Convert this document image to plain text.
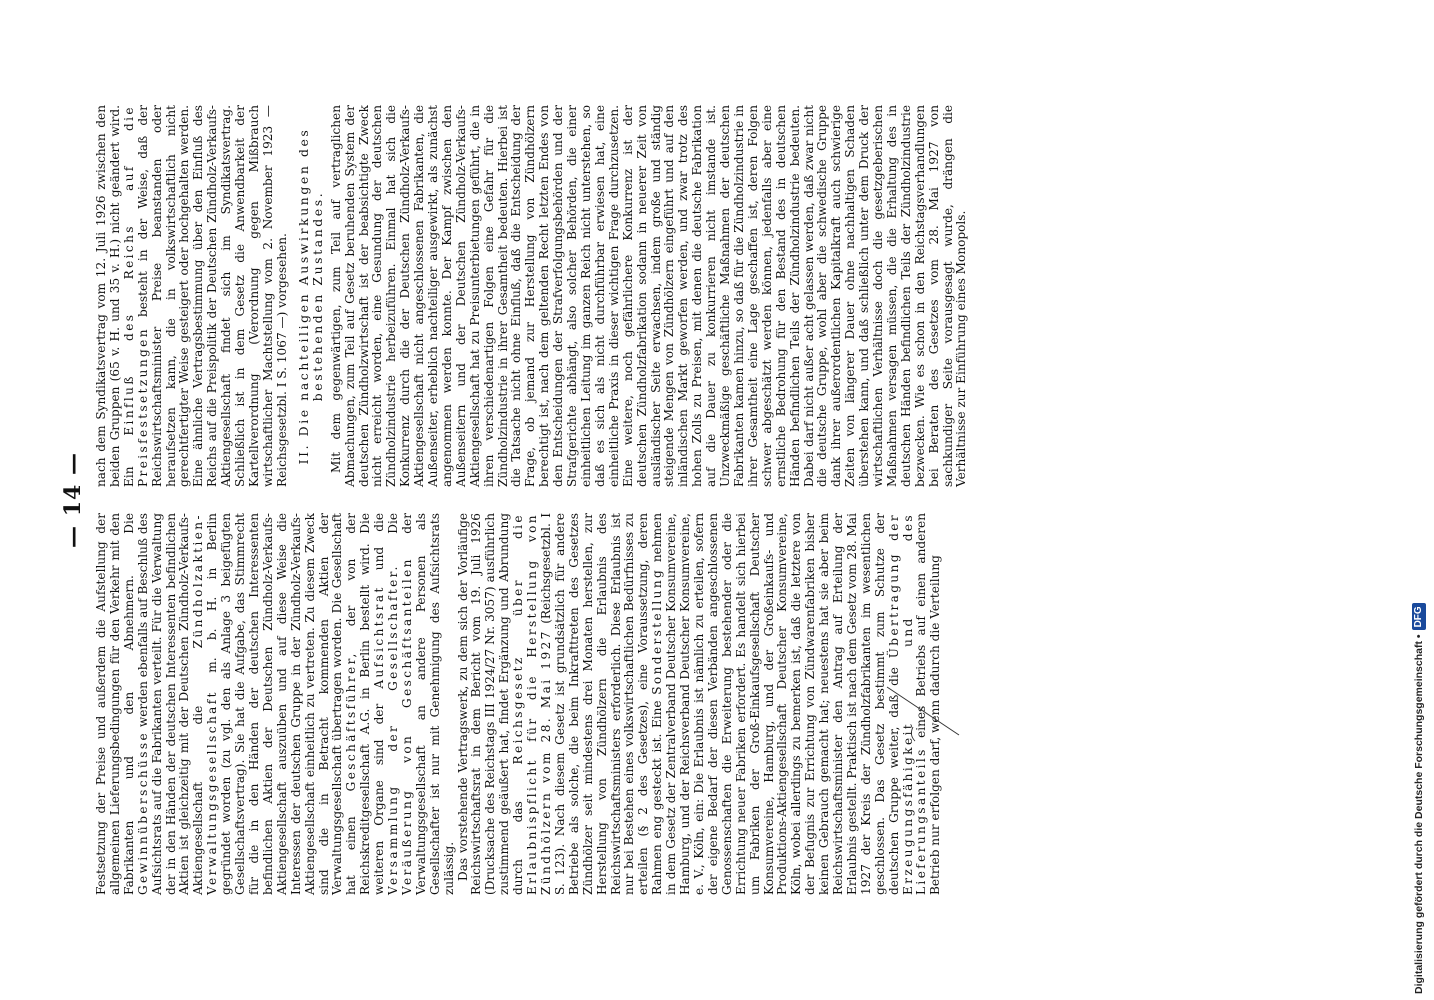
— 14 —

Festsetzung der Preise und außerdem die Aufstellung der allgemeinen Lieferungsbedingungen für den Verkehr mit den Fabrikanten und den Abnehmern. Die Gewinnüberschüsse werden ebenfalls auf Beschluß des Aufsichtsrats auf die Fabrikanten verteilt. Für die Verwaltung der in den Händen der deutschen Interessenten befindlichen Aktien ist gleichzeitig mit der Deutschen Zündholz-Verkaufs-Aktiengesellschaft die Zündholzaktien-Verwaltungsgesellschaft m. b. H. in Berlin gegründet worden (zu vgl. den als Anlage 3 beigefügten Gesellschaftsvertrag). Sie hat die Aufgabe, das Stimmrecht für die in den Händen der deutschen Interessenten befindlichen Aktien der Deutschen Zündholz-Verkaufs-Aktiengesellschaft auszuüben und auf diese Weise die Interessen der deutschen Gruppe in der Zündholz-Verkaufs-Aktiengesellschaft einheitlich zu vertreten. Zu diesem Zweck sind die in Betracht kommenden Aktien der Verwaltungsgesellschaft übertragen worden. Die Gesellschaft hat einen Geschäftsführer, der von der Reichskreditgesellschaft A.G. in Berlin bestellt wird. Die weiteren Organe sind der Aufsichtsrat und die Versammlung der Gesellschafter. Die Veräußerung von Geschäftsanteilen der Verwaltungsgesellschaft an andere Personen als Gesellschafter ist nur mit Genehmigung des Aufsichtsrats zulässig. Das vorstehende Vertragswerk, zu dem sich der Vorläufige Reichswirtschaftsrat in dem Bericht vom 19. Juli 1926 (Drucksache des Reichstags III 1924/27 Nr. 3057) ausführlich zustimmend geäußert hat, findet Ergänzung und Abrundung durch das Reichsgesetz über die Erlaubnispflicht für die Herstellung von Zündhölzern vom 28. Mai 1927 (Reichsgesetzbl. I S. 123). Nach diesem Gesetz ist grundsätzlich für andere Betriebe als solche, die beim Inkrafttreten des Gesetzes Zündhölzer seit mindestens drei Monaten herstellen, zur Herstellung von Zündhölzern die Erlaubnis des Reichswirtschaftsministers erforderlich. Diese Erlaubnis ist nur bei Bestehen eines volkswirtschaftlichen Bedürfnisses zu erteilen (§ 2 des Gesetzes), eine Voraussetzung, deren Rahmen eng gesteckt ist. Eine Sonderstellung nehmen in dem Gesetz der Zentralverband Deutscher Konsumvereine, Hamburg, und der Reichsverband Deutscher Konsumvereine, e. V., Köln, ein: Die Erlaubnis ist nämlich zu erteilen, sofern der eigene Bedarf der diesen Verbänden angeschlossenen Genossenschaften die Erweiterung bestehender oder die Errichtung neuer Fabriken erfordert. Es handelt sich hierbei um Fabriken der Groß-Einkaufsgesellschaft Deutscher Konsumvereine, Hamburg, und der Großeinkaufs- und Produktions-Aktiengesellschaft Deutscher Konsumvereine, Köln, wobei allerdings zu bemerken ist, daß die letztere von der Befugnis zur Errichtung von Zündwarenfabriken bisher keinen Gebrauch gemacht hat; neuestens hat sie aber beim Reichswirtschaftsminister den Antrag auf Erteilung der Erlaubnis gestellt. Praktisch ist nach dem Gesetz vom 28. Mai 1927 der Kreis der Zündholzfabrikanten im wesentlichen geschlossen. Das Gesetz bestimmt zum Schutze der deutschen Gruppe weiter, daß die Übertragung der Erzeugungsfähigkeit und des Lieferungsanteils eines Betriebs auf einen anderen Betrieb nur erfolgen darf, wenn dadurch die Verteilung

nach dem Syndikatsvertrag vom 12. Juli 1926 zwischen den beiden Gruppen (65 v. H. und 35 v. H.) nicht geändert wird. Ein Einfluß des Reichs auf die Preisfestsetzungen besteht in der Weise, daß der Reichswirtschaftsminister Preise beanstanden oder heraufsetzen kann, die in volkswirtschaftlich nicht gerechtfertigter Weise gesteigert oder hochgehalten werden. Eine ähnliche Vertragsbestimmung über den Einfluß des Reichs auf die Preispolitik der Deutschen Zündholz-Verkaufs-Aktiengesellschaft findet sich im Syndikatsvertrag. Schließlich ist in dem Gesetz die Anwendbarkeit der Kartellverordnung (Verordnung gegen Mißbrauch wirtschaftlicher Machtstellung vom 2. November 1923 — Reichsgesetzbl. I S. 1067 —) vorgesehen. II. Die nachteiligen Auswirkungen des bestehenden Zustandes. Mit dem gegenwärtigen, zum Teil auf vertraglichen Abmachungen, zum Teil auf Gesetz beruhenden System der deutschen Zündholzwirtschaft ist der beabsichtigte Zweck nicht erreicht worden, eine Gesundung der deutschen Zündholzindustrie herbeizuführen. Einmal hat sich die Konkurrenz durch die der Deutschen Zündholz-Verkaufs-Aktiengesellschaft nicht angeschlossenen Fabrikanten, die Außenseiter, erheblich nachteiliger ausgewirkt, als zunächst angenommen werden konnte. Der Kampf zwischen den Außenseitern und der Deutschen Zündholz-Verkaufs-Aktiengesellschaft hat zu Preisunterbietungen geführt, die in ihren verschiedenartigen Folgen eine Gefahr für die Zündholzindustrie in ihrer Gesamtheit bedeuten. Hierbei ist die Tatsache nicht ohne Einfluß, daß die Entscheidung der Frage, ob jemand zur Herstellung von Zündhölzern berechtigt ist, nach dem geltenden Recht letzten Endes von den Entscheidungen der Strafverfolgungsbehörden und der Strafgerichte abhängt, also solcher Behörden, die einer einheitlichen Leitung im ganzen Reich nicht unterstehen, so daß es sich als nicht durchführbar erwiesen hat, eine einheitliche Praxis in dieser wichtigen Frage durchzusetzen. Eine weitere, noch gefährlichere Konkurrenz ist der deutschen Zündholzfabrikation sodann in neuerer Zeit von ausländischer Seite erwachsen, indem große und ständig steigende Mengen von Zündhölzern eingeführt und auf den inländischen Markt geworfen werden, und zwar trotz des hohen Zolls zu Preisen, mit denen die deutsche Fabrikation auf die Dauer zu konkurrieren nicht imstande ist. Unzweckmäßige geschäftliche Maßnahmen der deutschen Fabrikanten kamen hinzu, so daß für die Zündholzindustrie in ihrer Gesamtheit eine Lage geschaffen ist, deren Folgen schwer abgeschätzt werden können, jedenfalls aber eine ernstliche Bedrohung für den Bestand des in deutschen Händen befindlichen Teils der Zündholzindustrie bedeuten. Dabei darf nicht außer acht gelassen werden, daß zwar nicht die deutsche Gruppe, wohl aber die schwedische Gruppe dank ihrer außerordentlichen Kapitalkraft auch schwierige Zeiten von längerer Dauer ohne nachhaltigen Schaden überstehen kann, und daß schließlich unter dem Druck der wirtschaftlichen Verhältnisse doch die gesetzgeberischen Maßnahmen versagen müssen, die die Erhaltung des in deutschen Händen befindlichen Teils der Zündholzindustrie bezwecken. Wie es schon in den Reichstagsverhandlungen bei Beraten des Gesetzes vom 28. Mai 1927 von sachkundiger Seite vorausgesagt wurde, drängen die Verhältnisse zur Einführung eines Monopols.

Digitalisierung gefördert durch die Deutsche Forschungsgemeinschaft •
DFG
